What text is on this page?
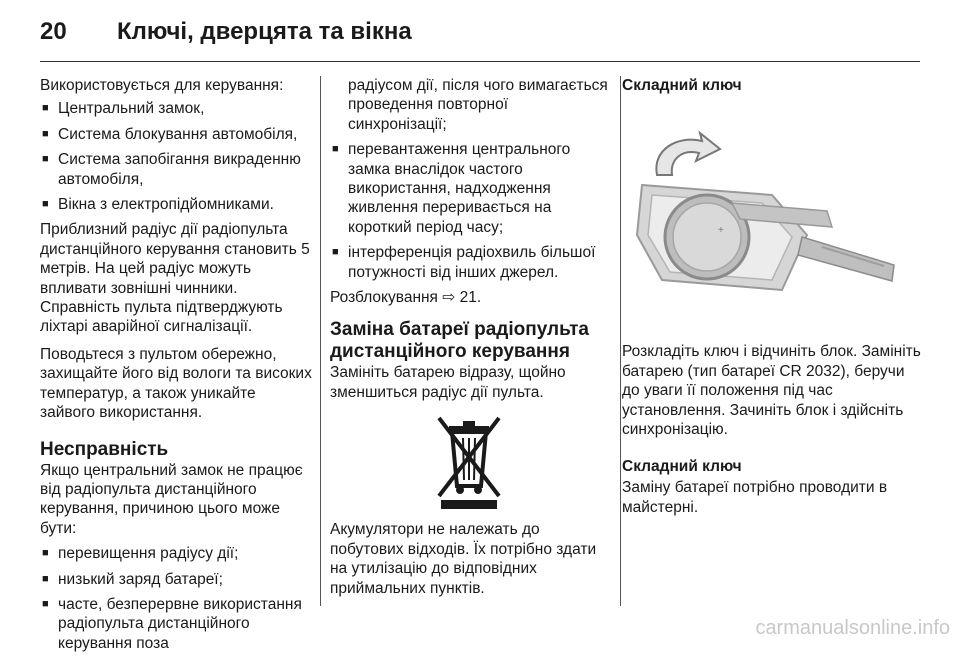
20 Ключі, дверцята та вікна

Використовується для керування:

■ Центральний замок,
■ Система блокування автомобіля,
■ Система запобігання викраденню автомобіля,
■ Вікна з електропідйомниками.

Приблизний радіус дії радіопульта дистанційного керування становить 5 метрів. На цей радіус можуть впливати зовнішні чинники. Справність пульта підтверджують ліхтарі аварійної сигналізації.

Поводьтеся з пультом обережно, захищайте його від вологи та високих температур, а також уникайте зайвого використання.

Несправність

Якщо центральний замок не працює від радіопульта дистанційного керування, причиною цього може бути:

■ перевищення радіусу дії;
■ низький заряд батареї;
■ часте, безперервне використання радіопульта дистанційного керування поза

радіусом дії, після чого вимагається проведення повторної синхронізації;

■ перевантаження центрального замка внаслідок частого використання, надходження живлення переривається на короткий період часу;
■ інтерференція радіохвиль більшої потужності від інших джерел.

Розблокування ⇨ 21.

Заміна батареї радіопульта дистанційного керування

Замініть батарею відразу, щойно зменшиться радіус дії пульта.

Акумулятори не належать до побутових відходів. Їх потрібно здати на утилізацію до відповідних приймальних пунктів.

Складний ключ
+

Розкладіть ключ і відчиніть блок. Замініть батарею (тип батареї CR 2032), беручи до уваги її положення під час установлення. Зачиніть блок і здійсніть синхронізацію.

Складний ключ

Заміну батареї потрібно проводити в майстерні.

carmanualsonline.info
